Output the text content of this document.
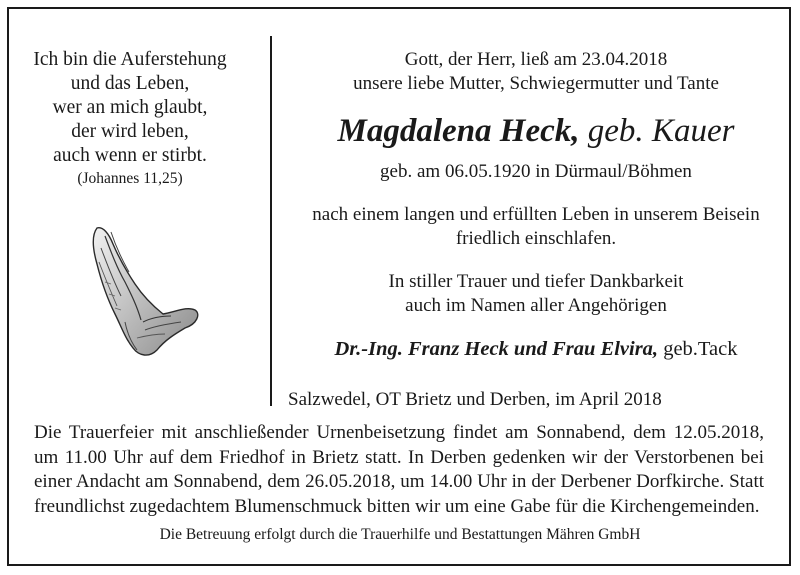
Ich bin die Auferstehung
und das Leben,
wer an mich glaubt,
der wird leben,
auch wenn er stirbt.
(Johannes 11,25)
Gott, der Herr, ließ am 23.04.2018
unsere liebe Mutter, Schwiegermutter und Tante
Magdalena Heck, geb. Kauer
geb. am 06.05.1920 in Dürmaul/Böhmen
nach einem langen und erfüllten Leben in unserem Beisein
friedlich einschlafen.
In stiller Trauer und tiefer Dankbarkeit
auch im Namen aller Angehörigen
Dr.-Ing. Franz Heck und Frau Elvira, geb.Tack
Salzwedel, OT Brietz und Derben, im April 2018
Die Trauerfeier mit anschließender Urnenbeisetzung findet am Sonnabend, dem 12.05.2018, um 11.00 Uhr auf dem Friedhof in Brietz statt. In Derben gedenken wir der Verstorbenen bei einer Andacht am Sonnabend, dem 26.05.2018, um 14.00 Uhr in der Derbener Dorfkirche. Statt freundlichst zugedachtem Blumenschmuck bitten wir um eine Gabe für die Kirchengemeinden.
Die Betreuung erfolgt durch die Trauerhilfe und Bestattungen Mähren GmbH
